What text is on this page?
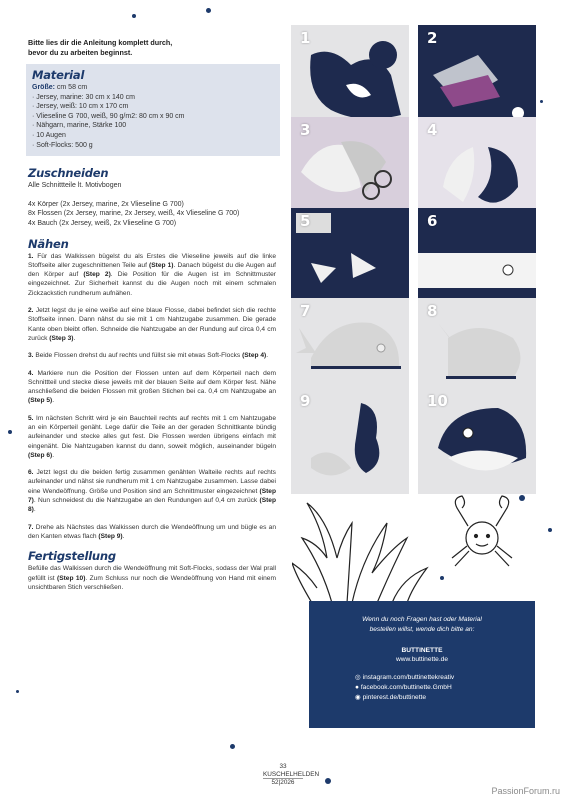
Bitte lies dir die Anleitung komplett durch,
bevor du zu arbeiten beginnst.
Material
Größe: cm 58 cm
· Jersey, marine: 30 cm x 140 cm
· Jersey, weiß: 10 cm x 170 cm
· Vlieseline G 700, weiß, 90 g/m2: 80 cm x 90 cm
· Nähgarn, marine, Stärke 100
· 10 Augen
· Soft-Flocks: 500 g
Zuschneiden
Alle Schnittteile lt. Motivbogen
4x Körper (2x Jersey, marine, 2x Vlieseline G 700)
8x Flossen (2x Jersey, marine, 2x Jersey, weiß, 4x Vlieseline G 700)
4x Bauch (2x Jersey, weiß, 2x Vlieseline G 700)
Nähen

1. Für das Walkissen bügelst du als Erstes die Vlieseline jeweils auf die linke Stoffseite aller zugeschnittenen Teile auf (Step 1). Danach bügelst du die Augen auf den Körper auf (Step 2). Die Position für die Augen ist im Schnittmuster eingezeichnet. Zur Sicherheit kannst du die Augen noch mit einem schmalen Zickzackstich rundherum aufnähen.

2. Jetzt legst du je eine weiße auf eine blaue Flosse, dabei befindet sich die rechte Stoffseite innen. Dann nähst du sie mit 1 cm Nahtzugabe zusammen. Die gerade Kante oben bleibt offen. Schneide die Nahtzugabe an der Rundung auf circa 0,4 cm zurück (Step 3).

3. Beide Flossen drehst du auf rechts und füllst sie mit etwas Soft-Flocks (Step 4).

4. Markiere nun die Position der Flossen unten auf dem Körperteil nach dem Schnittteil und stecke diese jeweils mit der blauen Seite auf dem Körper fest. Nähe anschließend die beiden Flossen mit großen Stichen bei ca. 0,4 cm Nahtzugabe an (Step 5).

5. Im nächsten Schritt wird je ein Bauchteil rechts auf rechts mit 1 cm Nahtzugabe an ein Körperteil genäht. Lege dafür die Teile an der geraden Schnittkante bündig aufeinander und stecke alles gut fest. Die Flossen werden übrigens einfach mit eingenäht. Die Nahtzugaben kannst du dann, soweit möglich, auseinander bügeln (Step 6).

6. Jetzt legst du die beiden fertig zusammen genähten Walteile rechts auf rechts aufeinander und nähst sie rundherum mit 1 cm Nahtzugabe zusammen. Lasse dabei eine Wendeöffnung. Größe und Position sind am Schnittmuster eingezeichnet (Step 7). Nun schneidest du die Nahtzugabe an den Rundungen auf 0,4 cm zurück (Step 8).

7. Drehe als Nächstes das Walkissen durch die Wendeöffnung um und bügle es an den Kanten etwas flach (Step 9).

Fertigstellung

Befülle das Walkissen durch die Wendeöffnung mit Soft-Flocks, sodass der Wal prall gefüllt ist (Step 10). Zum Schluss nur noch die Wendeöffnung von Hand mit einem unsichtbaren Stich verschließen.

1	2
3	4
5	6
7	8
9	10
Wenn du noch Fragen hast oder Material
bestellen willst, wende dich bitte an:
BUTTINETTE
www.buttinette.de
◎ instagram.com/buttinettekreativ
● facebook.com/buttinette.GmbH
◉ pinterest.de/buttinette
33
KUSCHELHELDEN
52|2026
PassionForum.ru
